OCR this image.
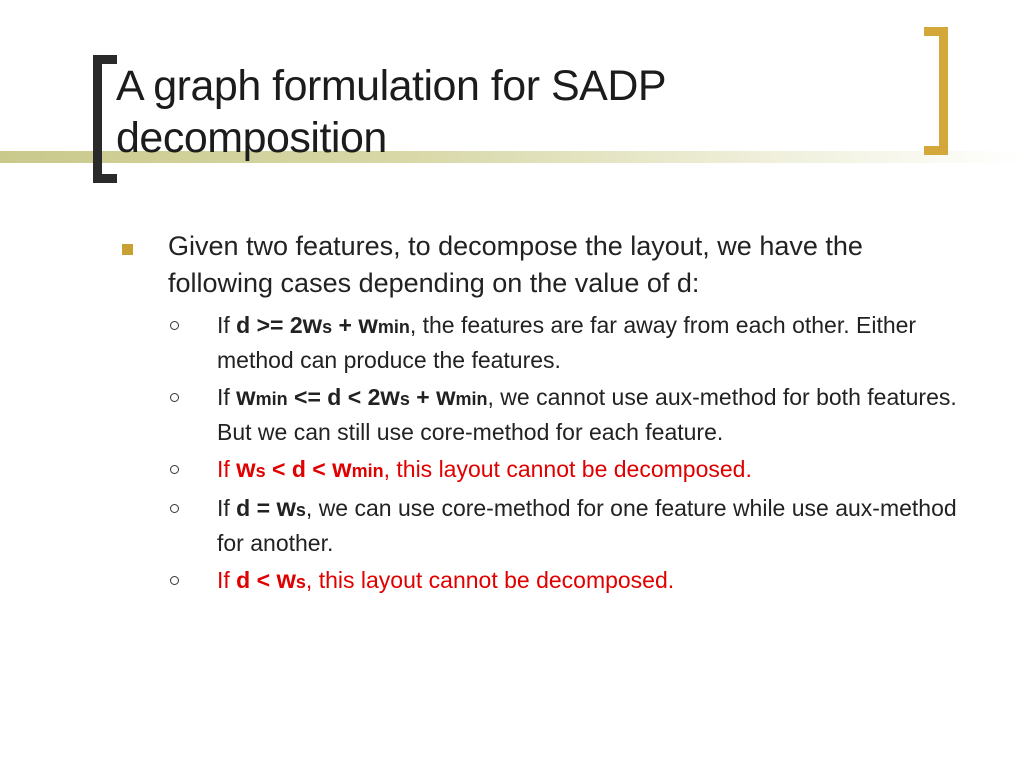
A graph formulation for SADP decomposition
Given two features, to decompose the layout, we have the following cases depending on the value of d:
If d >= 2ws + wmin, the features are far away from each other. Either method can produce the features.
If wmin <= d < 2ws + wmin, we cannot use aux-method for both features. But we can still use core-method for each feature.
If ws < d < wmin, this layout cannot be decomposed.
If d = ws, we can use core-method for one feature while use aux-method for another.
If d < ws, this layout cannot be decomposed.
